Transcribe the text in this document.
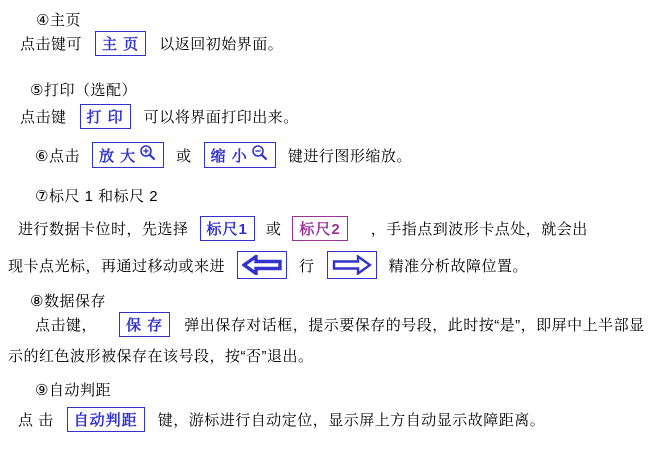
④主页
点击键可 主 页 以返回初始界面。
⑤打印（选配）
点击键 打 印 可以将界面打印出来。
⑥点击 放 大	或 缩 小	键进行图形缩放。
⑦标尺 1 和标尺 2
进行数据卡位时，先选择 标尺1 或 标尺2 ，手指点到波形卡点处，就会出
现卡点光标，再通过移动或来进	行	精准分析故障位置。
⑧数据保存
点击键， 保 存 弹出保存对话框，提示要保存的号段，此时按“是”，即屏中上半部显
示的红色波形被保存在该号段，按“否”退出。
⑨自动判距
点 击 自动判距 键，游标进行自动定位，显示屏上方自动显示故障距离。
